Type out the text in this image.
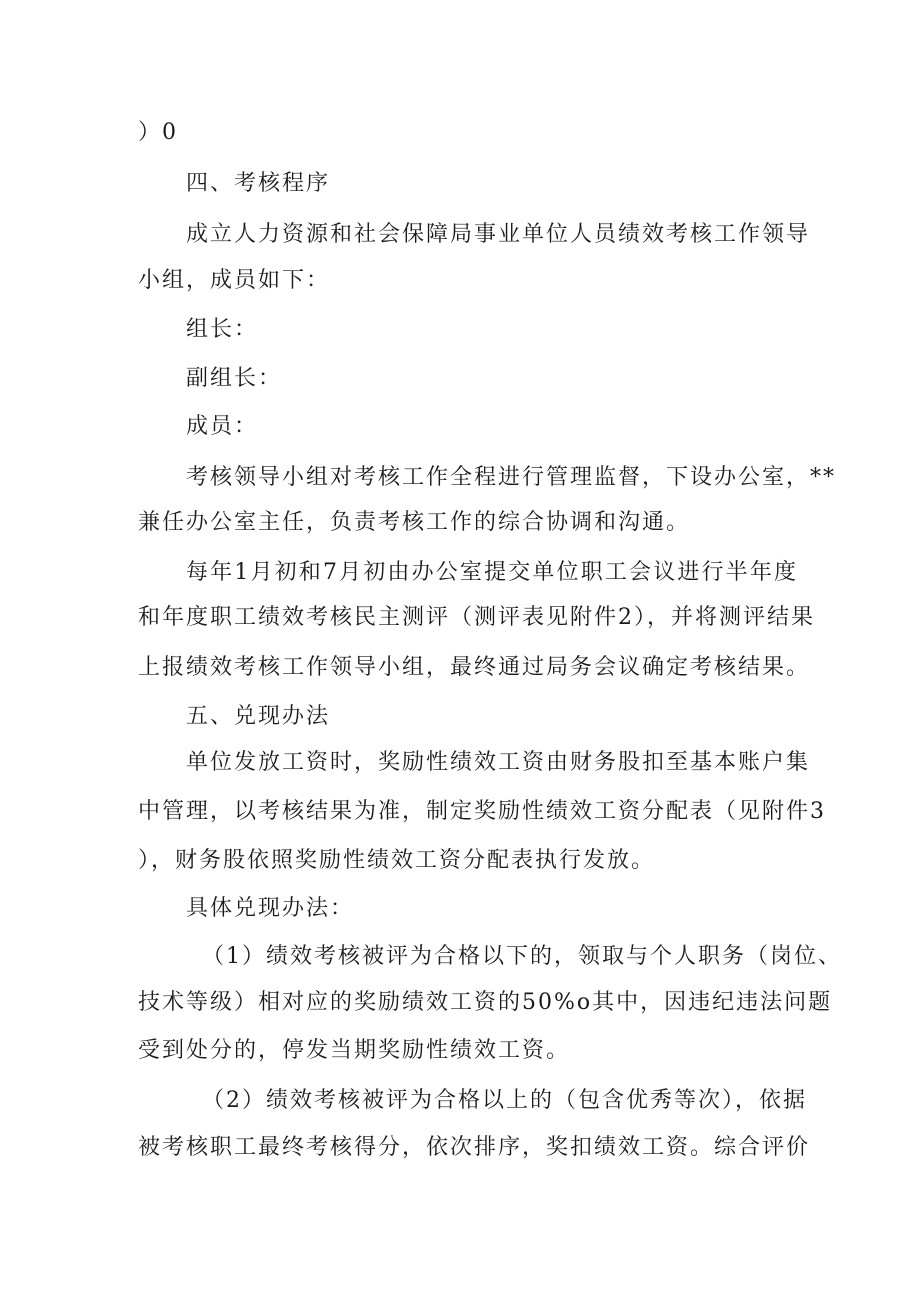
）0
四、考核程序
成立人力资源和社会保障局事业单位人员绩效考核工作领导
小组，成员如下：
组长：
副组长：
成员：
考核领导小组对考核工作全程进行管理监督，下设办公室，**
兼任办公室主任，负责考核工作的综合协调和沟通。
每年1月初和7月初由办公室提交单位职工会议进行半年度
和年度职工绩效考核民主测评（测评表见附件2），并将测评结果
上报绩效考核工作领导小组，最终通过局务会议确定考核结果。
五、兑现办法
单位发放工资时，奖励性绩效工资由财务股扣至基本账户集
中管理，以考核结果为准，制定奖励性绩效工资分配表（见附件3
），财务股依照奖励性绩效工资分配表执行发放。
具体兑现办法：
（1）绩效考核被评为合格以下的，领取与个人职务（岗位、
技术等级）相对应的奖励绩效工资的50%o其中，因违纪违法问题
受到处分的，停发当期奖励性绩效工资。
（2）绩效考核被评为合格以上的（包含优秀等次），依据
被考核职工最终考核得分，依次排序，奖扣绩效工资。综合评价
